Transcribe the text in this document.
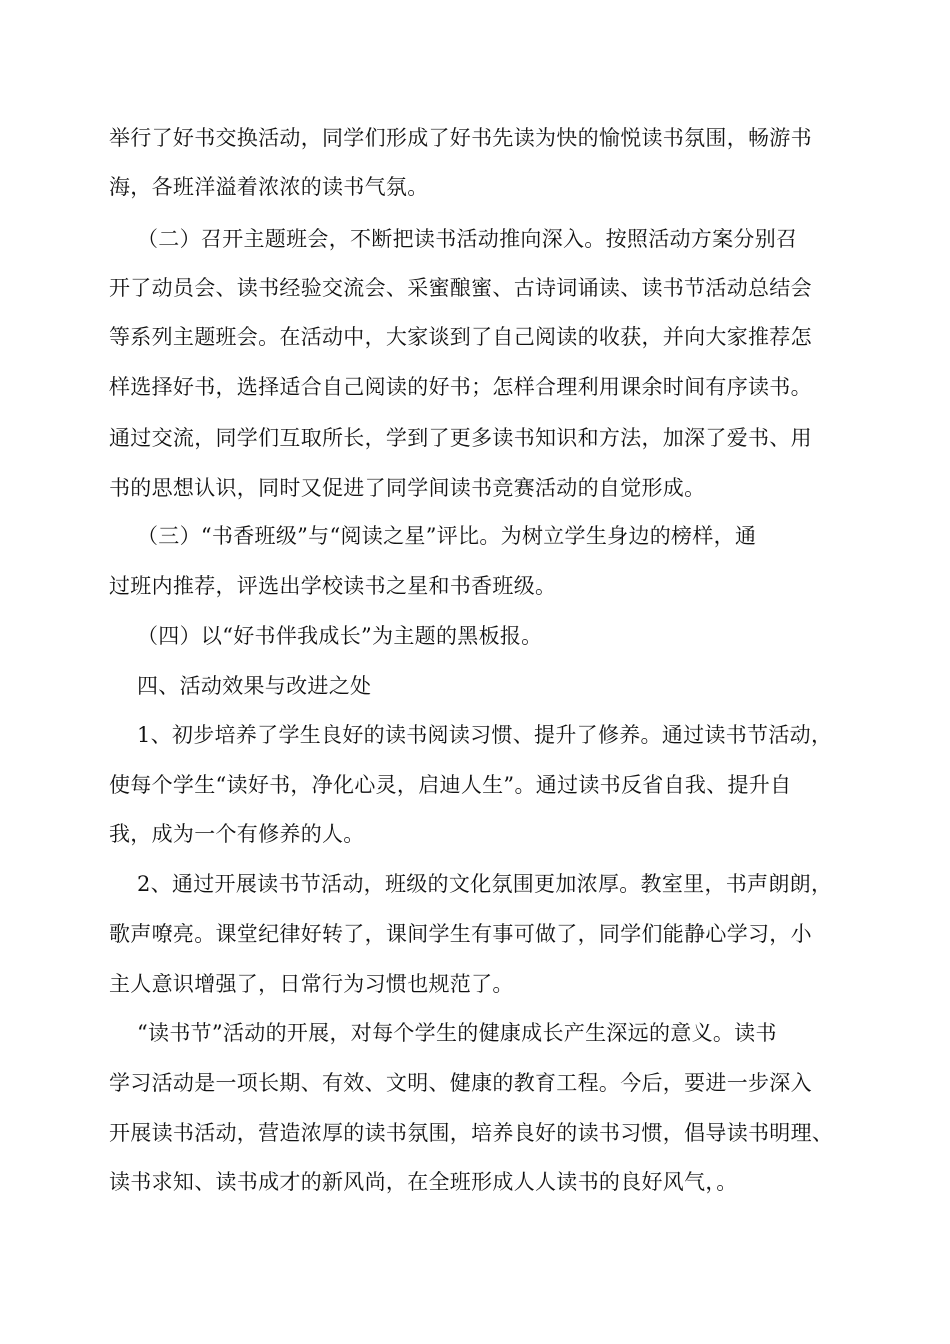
举行了好书交换活动，同学们形成了好书先读为快的愉悦读书氛围，畅游书
海，各班洋溢着浓浓的读书气氛。
（二）召开主题班会，不断把读书活动推向深入。按照活动方案分别召
开了动员会、读书经验交流会、采蜜酿蜜、古诗词诵读、读书节活动总结会
等系列主题班会。在活动中，大家谈到了自己阅读的收获，并向大家推荐怎
样选择好书，选择适合自己阅读的好书；怎样合理利用课余时间有序读书。
通过交流，同学们互取所长，学到了更多读书知识和方法，加深了爱书、用
书的思想认识，同时又促进了同学间读书竞赛活动的自觉形成。
（三）“书香班级”与“阅读之星”评比。为树立学生身边的榜样，通
过班内推荐，评选出学校读书之星和书香班级。
（四）以“好书伴我成长”为主题的黑板报。
四、活动效果与改进之处
1、初步培养了学生良好的读书阅读习惯、提升了修养。通过读书节活动，
使每个学生“读好书，净化心灵，启迪人生”。通过读书反省自我、提升自
我，成为一个有修养的人。
2、通过开展读书节活动，班级的文化氛围更加浓厚。教室里，书声朗朗，
歌声嘹亮。课堂纪律好转了，课间学生有事可做了，同学们能静心学习，小
主人意识增强了，日常行为习惯也规范了。
“读书节”活动的开展，对每个学生的健康成长产生深远的意义。读书
学习活动是一项长期、有效、文明、健康的教育工程。今后，要进一步深入
开展读书活动，营造浓厚的读书氛围，培养良好的读书习惯，倡导读书明理、
读书求知、读书成才的新风尚，在全班形成人人读书的良好风气，。
